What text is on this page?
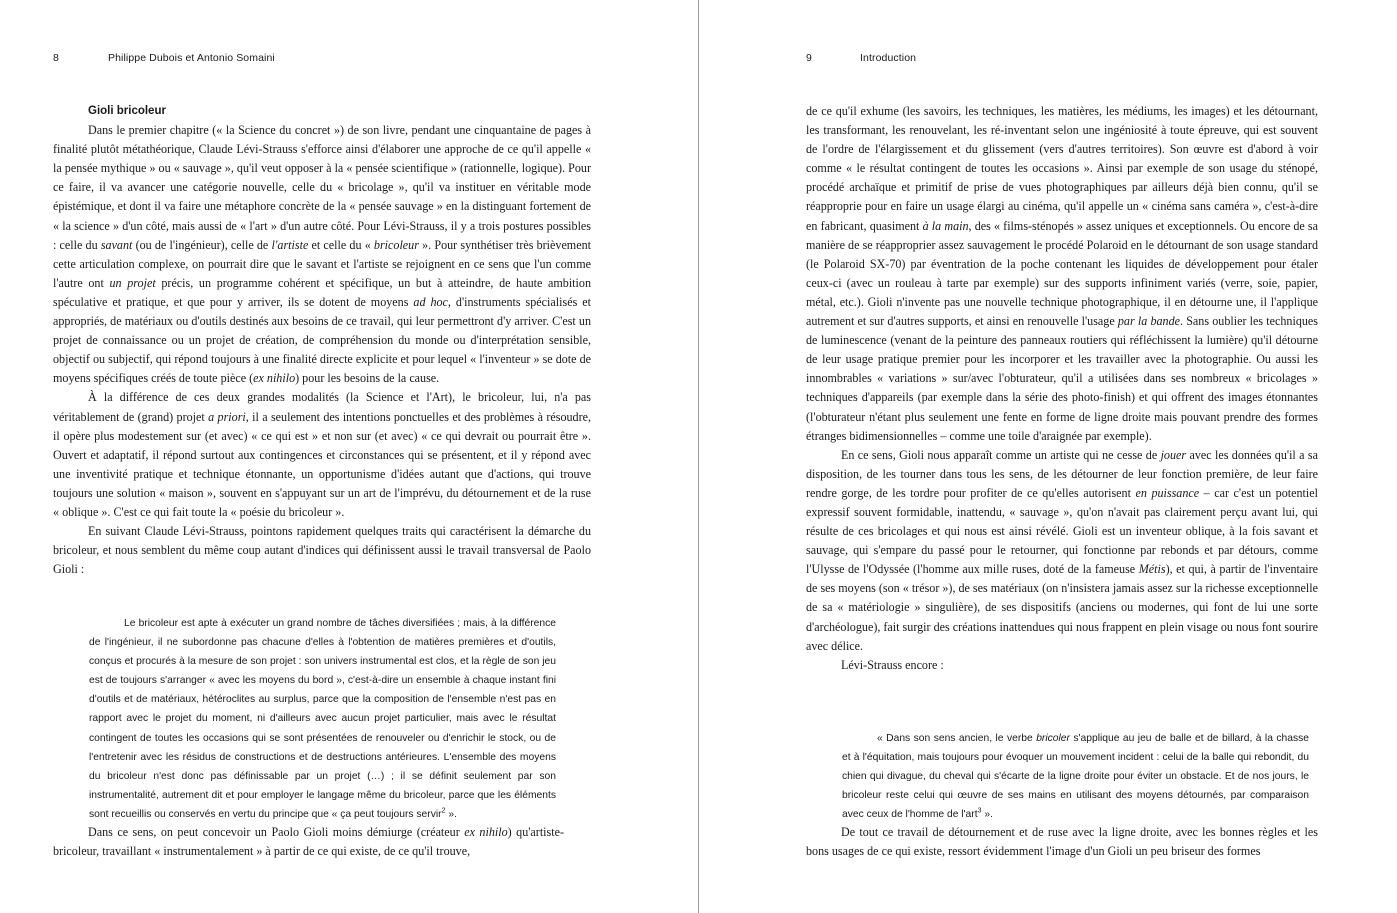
8	Philippe Dubois et Antonio Somaini

Gioli bricoleur

Dans le premier chapitre (« la Science du concret ») de son livre, pendant une cinquantaine de pages à finalité plutôt métathéorique, Claude Lévi-Strauss s'efforce ainsi d'élaborer une approche de ce qu'il appelle « la pensée mythique » ou « sauvage », qu'il veut opposer à la « pensée scientifique » (rationnelle, logique). Pour ce faire, il va avancer une catégorie nouvelle, celle du « bricolage », qu'il va instituer en véritable mode épistémique, et dont il va faire une métaphore concrète de la « pensée sauvage » en la distinguant fortement de « la science » d'un côté, mais aussi de « l'art » d'un autre côté. Pour Lévi-Strauss, il y a trois postures possibles : celle du savant (ou de l'ingénieur), celle de l'artiste et celle du « bricoleur ». Pour synthétiser très brièvement cette articulation complexe, on pourrait dire que le savant et l'artiste se rejoignent en ce sens que l'un comme l'autre ont un projet précis, un programme cohérent et spécifique, un but à atteindre, de haute ambition spéculative et pratique, et que pour y arriver, ils se dotent de moyens ad hoc, d'instruments spécialisés et appropriés, de matériaux ou d'outils destinés aux besoins de ce travail, qui leur permettront d'y arriver. C'est un projet de connaissance ou un projet de création, de compréhension du monde ou d'interprétation sensible, objectif ou subjectif, qui répond toujours à une finalité directe explicite et pour lequel « l'inventeur » se dote de moyens spécifiques créés de toute pièce (ex nihilo) pour les besoins de la cause.

À la différence de ces deux grandes modalités (la Science et l'Art), le bricoleur, lui, n'a pas véritablement de (grand) projet a priori, il a seulement des intentions ponctuelles et des problèmes à résoudre, il opère plus modestement sur (et avec) « ce qui est » et non sur (et avec) « ce qui devrait ou pourrait être ». Ouvert et adaptatif, il répond surtout aux contingences et circonstances qui se présentent, et il y répond avec une inventivité pratique et technique étonnante, un opportunisme d'idées autant que d'actions, qui trouve toujours une solution « maison », souvent en s'appuyant sur un art de l'imprévu, du détournement et de la ruse « oblique ». C'est ce qui fait toute la « poésie du bricoleur ».

En suivant Claude Lévi-Strauss, pointons rapidement quelques traits qui caractérisent la démarche du bricoleur, et nous semblent du même coup autant d'indices qui définissent aussi le travail transversal de Paolo Gioli :

Le bricoleur est apte à exécuter un grand nombre de tâches diversifiées ; mais, à la différence de l'ingénieur, il ne subordonne pas chacune d'elles à l'obtention de matières premières et d'outils, conçus et procurés à la mesure de son projet : son univers instrumental est clos, et la règle de son jeu est de toujours s'arranger « avec les moyens du bord », c'est-à-dire un ensemble à chaque instant fini d'outils et de matériaux, hétéroclites au surplus, parce que la composition de l'ensemble n'est pas en rapport avec le projet du moment, ni d'ailleurs avec aucun projet particulier, mais avec le résultat contingent de toutes les occasions qui se sont présentées de renouveler ou d'enrichir le stock, ou de l'entretenir avec les résidus de constructions et de destructions antérieures. L'ensemble des moyens du bricoleur n'est donc pas définissable par un projet (…) ; il se définit seulement par son instrumentalité, autrement dit et pour employer le langage même du bricoleur, parce que les éléments sont recueillis ou conservés en vertu du principe que « ça peut toujours servir$^2$ ».

Dans ce sens, on peut concevoir un Paolo Gioli moins démiurge (créateur ex nihilo) qu'artiste-bricoleur, travaillant « instrumentalement » à partir de ce qui existe, de ce qu'il trouve,

9	Introduction

de ce qu'il exhume (les savoirs, les techniques, les matières, les médiums, les images) et les détournant, les transformant, les renouvelant, les ré-inventant selon une ingéniosité à toute épreuve, qui est souvent de l'ordre de l'élargissement et du glissement (vers d'autres territoires). Son œuvre est d'abord à voir comme « le résultat contingent de toutes les occasions ». Ainsi par exemple de son usage du sténopé, procédé archaïque et primitif de prise de vues photographiques par ailleurs déjà bien connu, qu'il se réapproprie pour en faire un usage élargi au cinéma, qu'il appelle un « cinéma sans caméra », c'est-à-dire en fabricant, quasiment à la main, des « films-sténopés » assez uniques et exceptionnels. Ou encore de sa manière de se réapproprier assez sauvagement le procédé Polaroid en le détournant de son usage standard (le Polaroid SX-70) par éventration de la poche contenant les liquides de développement pour étaler ceux-ci (avec un rouleau à tarte par exemple) sur des supports infiniment variés (verre, soie, papier, métal, etc.). Gioli n'invente pas une nouvelle technique photographique, il en détourne une, il l'applique autrement et sur d'autres supports, et ainsi en renouvelle l'usage par la bande. Sans oublier les techniques de luminescence (venant de la peinture des panneaux routiers qui réfléchissent la lumière) qu'il détourne de leur usage pratique premier pour les incorporer et les travailler avec la photographie. Ou aussi les innombrables « variations » sur/avec l'obturateur, qu'il a utilisées dans ses nombreux « bricolages » techniques d'appareils (par exemple dans la série des photo-finish) et qui offrent des images étonnantes (l'obturateur n'étant plus seulement une fente en forme de ligne droite mais pouvant prendre des formes étranges bidimensionnelles – comme une toile d'araignée par exemple).

En ce sens, Gioli nous apparaît comme un artiste qui ne cesse de jouer avec les données qu'il a sa disposition, de les tourner dans tous les sens, de les détourner de leur fonction première, de leur faire rendre gorge, de les tordre pour profiter de ce qu'elles autorisent en puissance – car c'est un potentiel expressif souvent formidable, inattendu, « sauvage », qu'on n'avait pas clairement perçu avant lui, qui résulte de ces bricolages et qui nous est ainsi révélé. Gioli est un inventeur oblique, à la fois savant et sauvage, qui s'empare du passé pour le retourner, qui fonctionne par rebonds et par détours, comme l'Ulysse de l'Odyssée (l'homme aux mille ruses, doté de la fameuse Métis), et qui, à partir de l'inventaire de ses moyens (son « trésor »), de ses matériaux (on n'insistera jamais assez sur la richesse exceptionnelle de sa « matériologie » singulière), de ses dispositifs (anciens ou modernes, qui font de lui une sorte d'archéologue), fait surgir des créations inattendues qui nous frappent en plein visage ou nous font sourire avec délice.

Lévi-Strauss encore :

« Dans son sens ancien, le verbe bricoler s'applique au jeu de balle et de billard, à la chasse et à l'équitation, mais toujours pour évoquer un mouvement incident : celui de la balle qui rebondit, du chien qui divague, du cheval qui s'écarte de la ligne droite pour éviter un obstacle. Et de nos jours, le bricoleur reste celui qui œuvre de ses mains en utilisant des moyens détournés, par comparaison avec ceux de l'homme de l'art$^3$ ».

De tout ce travail de détournement et de ruse avec la ligne droite, avec les bonnes règles et les bons usages de ce qui existe, ressort évidemment l'image d'un Gioli un peu briseur des formes
